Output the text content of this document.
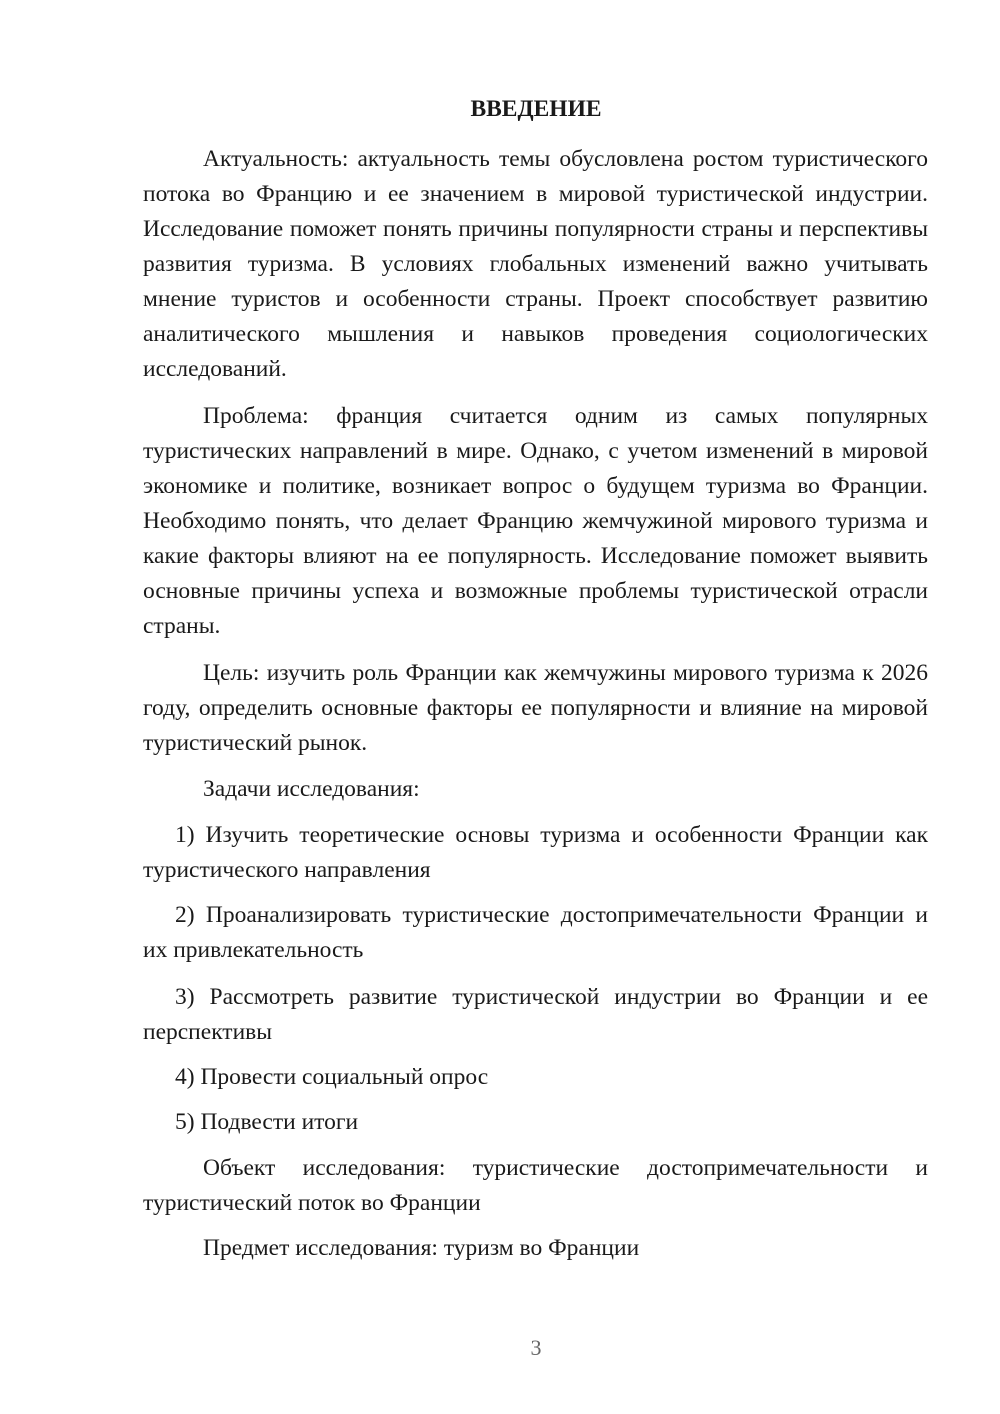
ВВЕДЕНИЕ

Актуальность: актуальность темы обусловлена ростом туристического потока во Францию и ее значением в мировой туристической индустрии. Исследование поможет понять причины популярности страны и перспективы развития туризма. В условиях глобальных изменений важно учитывать мнение туристов и особенности страны. Проект способствует развитию аналитического мышления и навыков проведения социологических исследований.

Проблема: франция считается одним из самых популярных туристических направлений в мире. Однако, с учетом изменений в мировой экономике и политике, возникает вопрос о будущем туризма во Франции. Необходимо понять, что делает Францию жемчужиной мирового туризма и какие факторы влияют на ее популярность. Исследование поможет выявить основные причины успеха и возможные проблемы туристической отрасли страны.

Цель: изучить роль Франции как жемчужины мирового туризма к 2026 году, определить основные факторы ее популярности и влияние на мировой туристический рынок.

Задачи исследования:

1) Изучить теоретические основы туризма и особенности Франции как туристического направления

2) Проанализировать туристические достопримечательности Франции и их привлекательность

3) Рассмотреть развитие туристической индустрии во Франции и ее перспективы

4) Провести социальный опрос

5) Подвести итоги

Объект исследования: туристические достопримечательности и туристический поток во Франции

Предмет исследования: туризм во Франции

3
